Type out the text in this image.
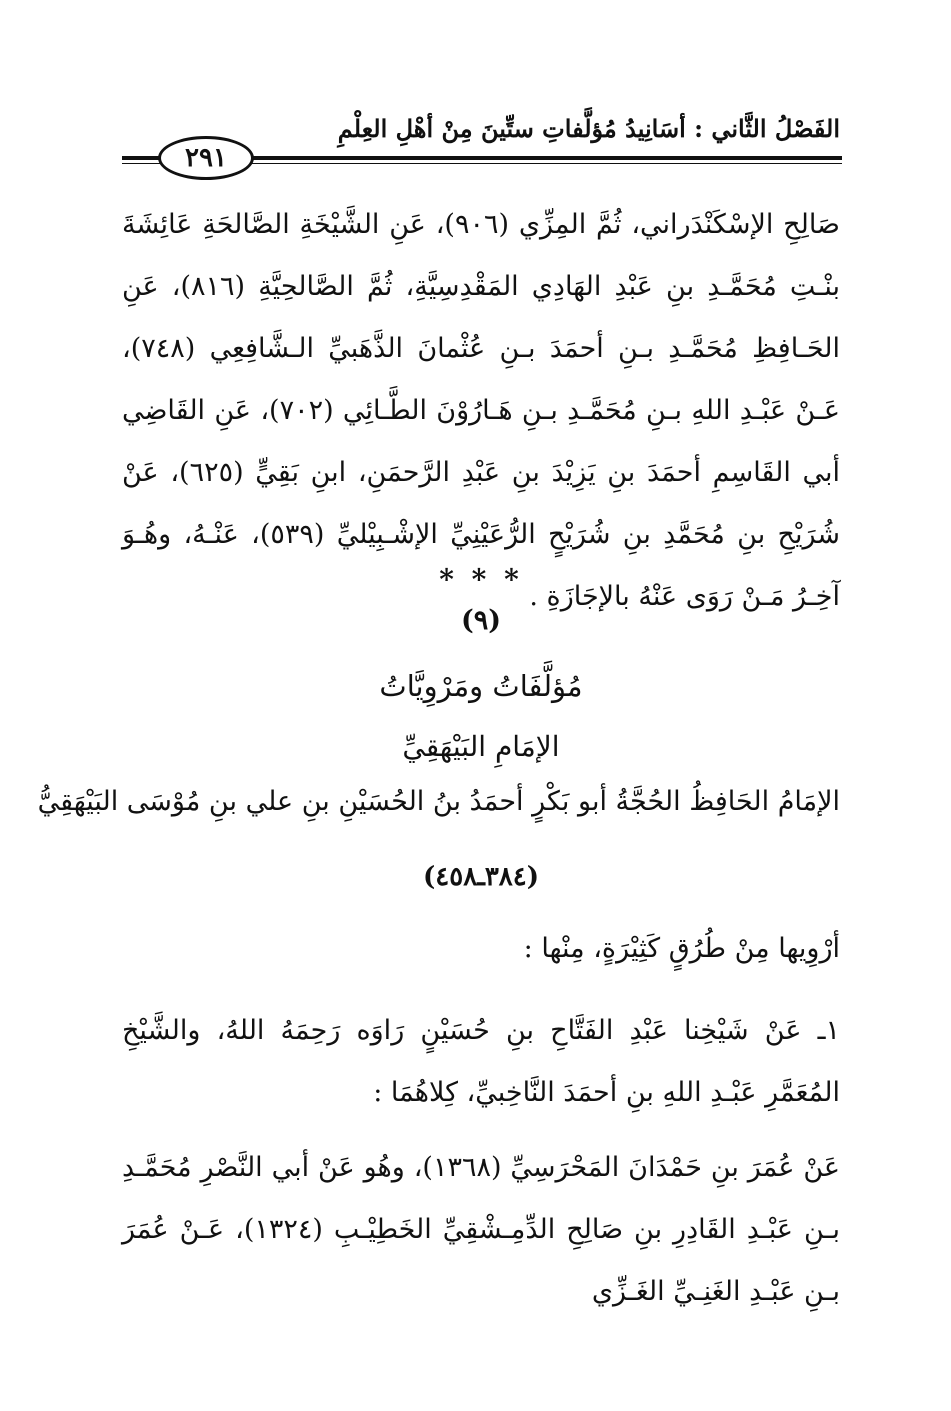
الفَصْلُ الثَّاني : أسَانِيدُ مُؤلَّفاتِ ستِّينَ مِنْ أهْلِ العِلْمِ
٢٩١

صَالِحِ الإسْكَنْدَراني، ثُمَّ المِزِّي (٩٠٦)، عَنِ الشَّيْخَةِ الصَّالحَةِ عَائِشَةَ بنْـتِ مُحَمَّـدِ بنِ عَبْدِ الهَادِي المَقْدِسِيَّةِ، ثُمَّ الصَّالحِيَّةِ (٨١٦)، عَنِ الحَـافِظِ مُحَمَّـدِ بـنِ أحمَدَ بـنِ عُثْمانَ الذَّهَبيِّ الـشَّافِعِي (٧٤٨)، عَـنْ عَبْـدِ اللهِ بـنِ مُحَمَّـدِ بـنِ هَـارُوْنَ الطَّـائِي (٧٠٢)، عَنِ القَاضِي أبي القَاسِمِ أحمَدَ بنِ يَزِيْدَ بنِ عَبْدِ الرَّحمَنِ، ابنِ بَقِيٍّ (٦٢٥)، عَنْ شُرَيْحِ بنِ مُحَمَّدِ بنِ شُرَيْحٍ الرُّعَيْنِيِّ الإشْـبِيْليِّ (٥٣٩)، عَنْـهُ، وهُـوَ آخِـرُ مَـنْ رَوَى عَنْهُ بالإجَازَةِ .

* * *
(٩)
مُؤلَّفَاتُ ومَرْوِيَّاتُ
الإمَامِ البَيْهَقِيِّ
الإمَامُ الحَافِظُ الحُجَّةُ أبو بَكْرٍ أحمَدُ بنُ الحُسَيْنِ بنِ علي بنِ مُوْسَى البَيْهَقِيُّ
(٣٨٤ـ٤٥٨)

أرْوِيها مِنْ طُرُقٍ كَثِيْرَةٍ، مِنْها :

١ـ عَنْ شَيْخِنا عَبْدِ الفَتَّاحِ بنِ حُسَيْنٍ رَاوَه رَحِمَهُ اللهُ، والشَّيْخِ المُعَمَّرِ عَبْـدِ اللهِ بنِ أحمَدَ النَّاخِبيِّ، كِلاهُمَا :

عَنْ عُمَرَ بنِ حَمْدَانَ المَحْرَسِيِّ (١٣٦٨)، وهُو عَنْ أبي النَّصْرِ مُحَمَّـدِ بـنِ عَبْـدِ القَادِرِ بنِ صَالِحِ الدِّمِـشْقِيِّ الخَطِيْـبِ (١٣٢٤)، عَـنْ عُمَرَ بـنِ عَبْـدِ الغَنِـيِّ الغَـزِّي
